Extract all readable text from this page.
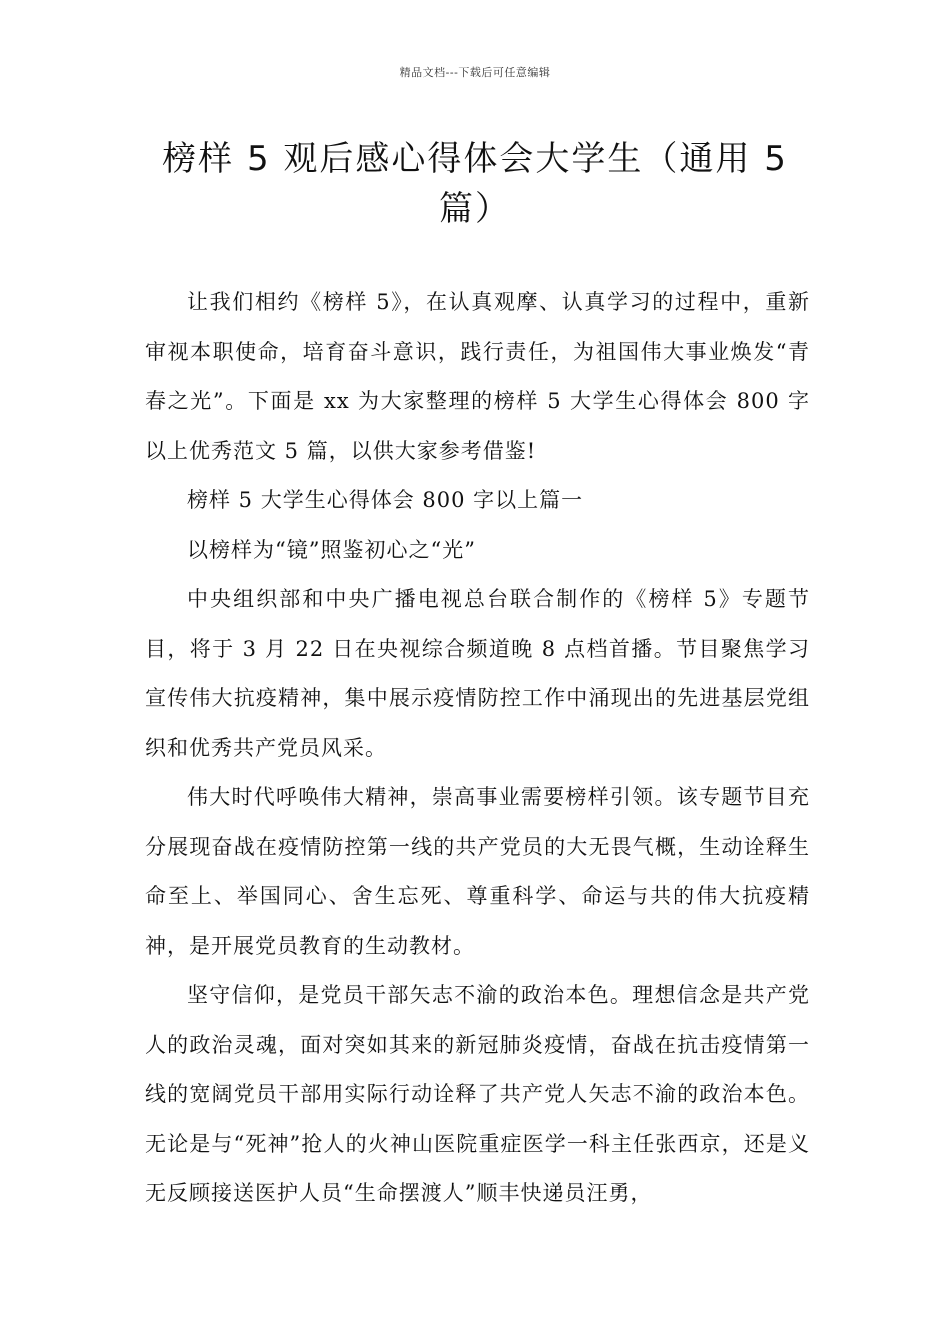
精品文档---下载后可任意编辑
榜样 5 观后感心得体会大学生（通用 5 篇）

让我们相约《榜样 5》，在认真观摩、认真学习的过程中，重新审视本职使命，培育奋斗意识，践行责任，为祖国伟大事业焕发“青春之光”。下面是 xx 为大家整理的榜样 5 大学生心得体会 800 字以上优秀范文 5 篇，以供大家参考借鉴!

榜样 5 大学生心得体会 800 字以上篇一

以榜样为“镜”照鉴初心之“光”

中央组织部和中央广播电视总台联合制作的《榜样 5》专题节目，将于 3 月 22 日在央视综合频道晚 8 点档首播。节目聚焦学习宣传伟大抗疫精神，集中展示疫情防控工作中涌现出的先进基层党组织和优秀共产党员风采。

伟大时代呼唤伟大精神，崇高事业需要榜样引领。该专题节目充分展现奋战在疫情防控第一线的共产党员的大无畏气概，生动诠释生命至上、举国同心、舍生忘死、尊重科学、命运与共的伟大抗疫精神，是开展党员教育的生动教材。

坚守信仰，是党员干部矢志不渝的政治本色。理想信念是共产党人的政治灵魂，面对突如其来的新冠肺炎疫情，奋战在抗击疫情第一线的宽阔党员干部用实际行动诠释了共产党人矢志不渝的政治本色。无论是与“死神”抢人的火神山医院重症医学一科主任张西京，还是义无反顾接送医护人员“生命摆渡人”顺丰快递员汪勇，
